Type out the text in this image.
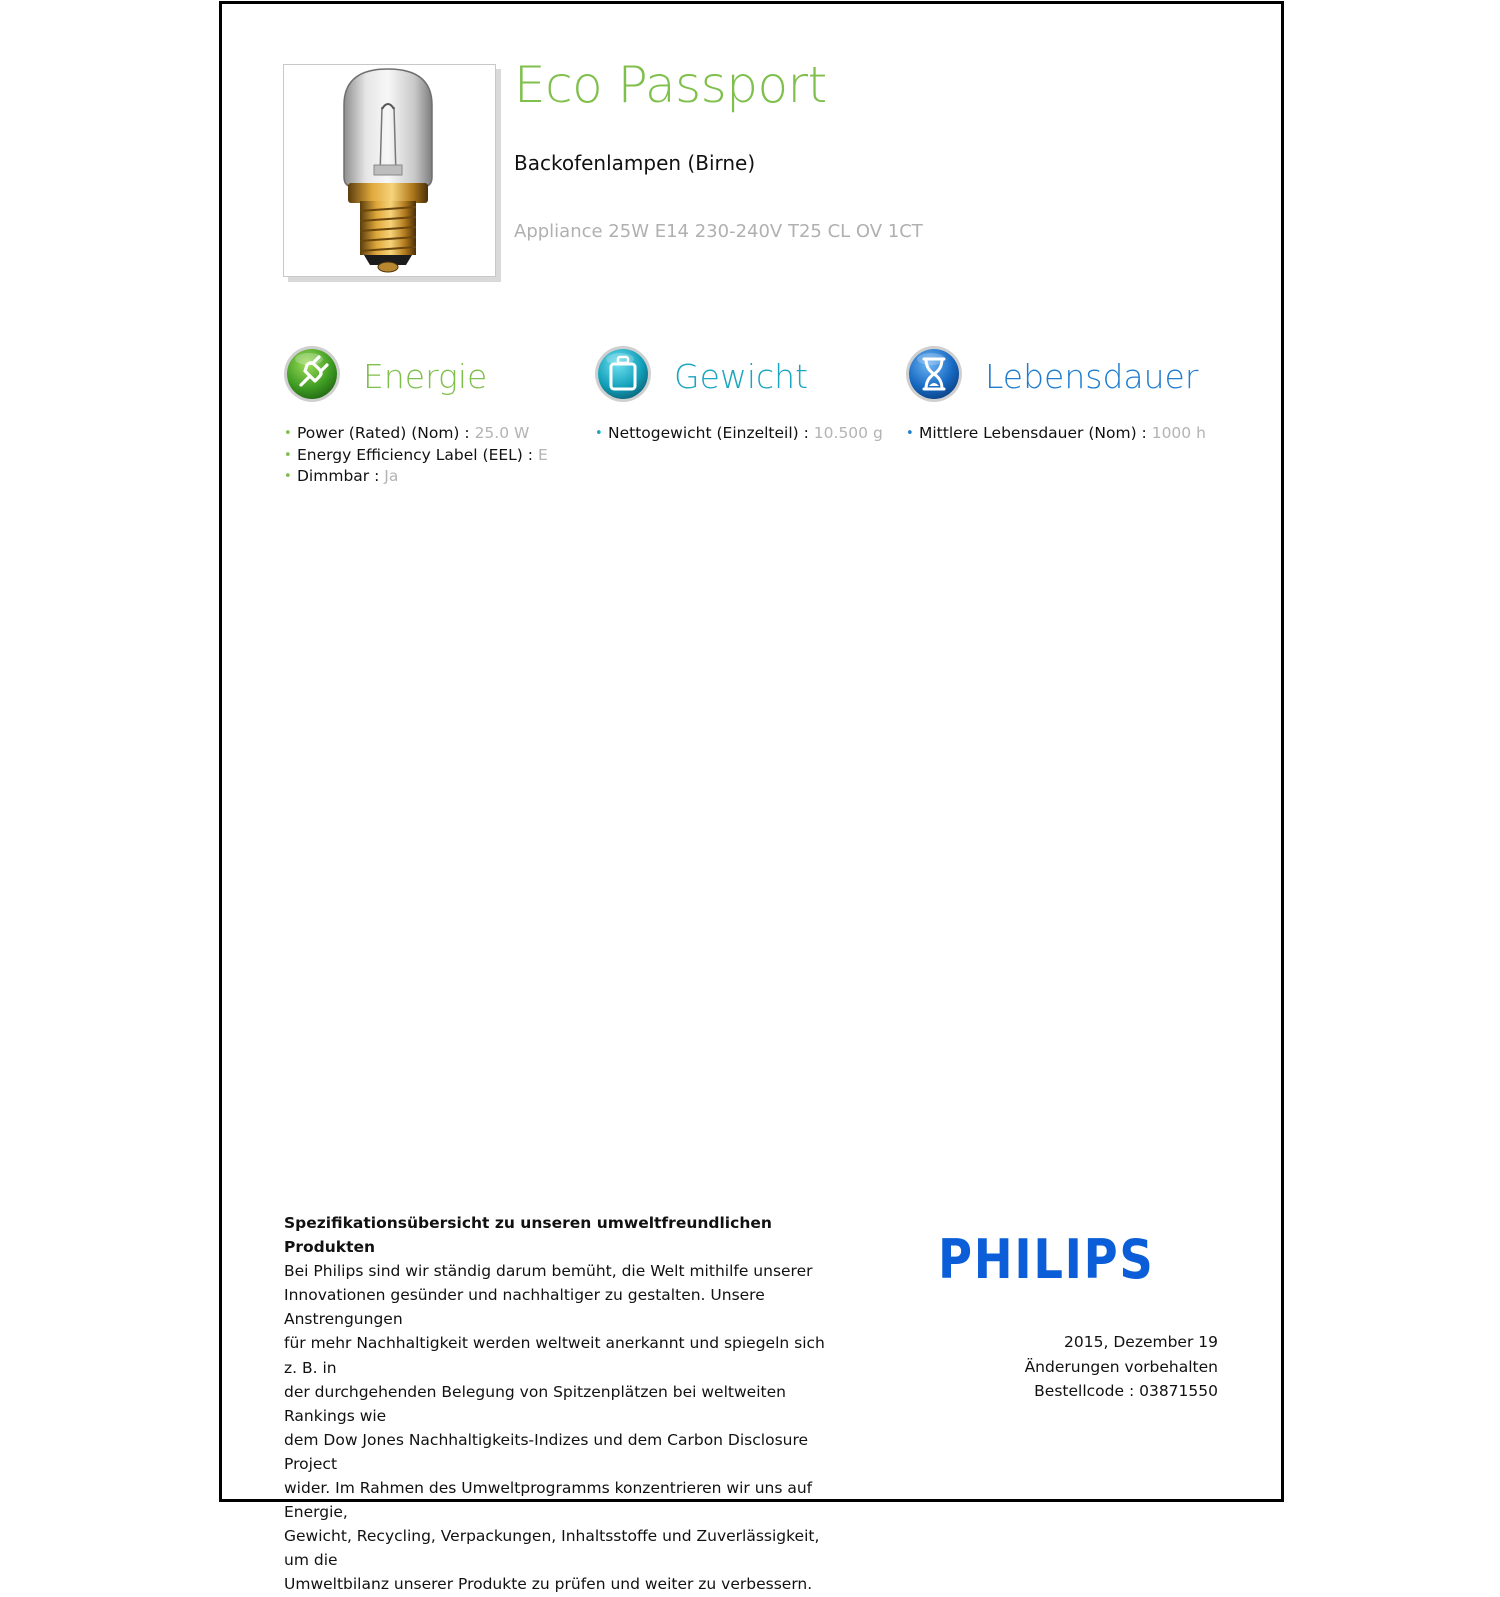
Eco Passport
Backofenlampen (Birne)
Appliance 25W E14 230-240V T25 CL OV 1CT
Energie
• Power (Rated) (Nom) : 25.0 W
• Energy Efficiency Label (EEL) : E
• Dimmbar : Ja
Gewicht
• Nettogewicht (Einzelteil) : 10.500 g
Lebensdauer
• Mittlere Lebensdauer (Nom) : 1000 h
Spezifikationsübersicht zu unseren umweltfreundlichen Produkten
Bei Philips sind wir ständig darum bemüht, die Welt mithilfe unserer
Innovationen gesünder und nachhaltiger zu gestalten. Unsere Anstrengungen
für mehr Nachhaltigkeit werden weltweit anerkannt und spiegeln sich z. B. in
der durchgehenden Belegung von Spitzenplätzen bei weltweiten Rankings wie
dem Dow Jones Nachhaltigkeits-Indizes und dem Carbon Disclosure Project
wider. Im Rahmen des Umweltprogramms konzentrieren wir uns auf Energie,
Gewicht, Recycling, Verpackungen, Inhaltsstoffe und Zuverlässigkeit, um die
Umweltbilanz unserer Produkte zu prüfen und weiter zu verbessern.
PHILIPS
2015, Dezember 19
Änderungen vorbehalten
Bestellcode : 03871550
